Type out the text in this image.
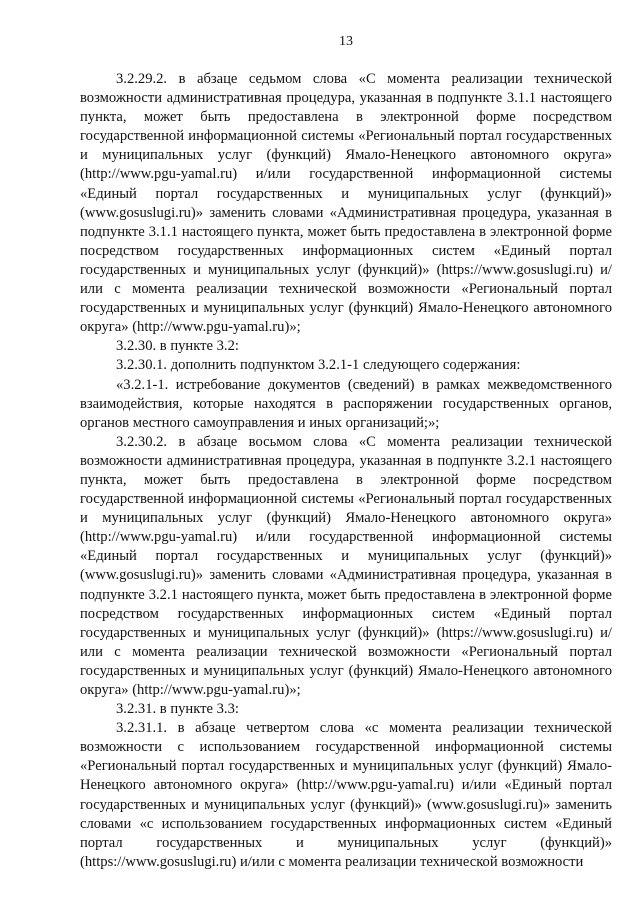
13

3.2.29.2. в абзаце седьмом слова «С момента реализации технической возможности административная процедура, указанная в подпункте 3.1.1 настоящего пункта, может быть предоставлена в электронной форме посредством государственной информационной системы «Региональный портал государственных и муниципальных услуг (функций) Ямало-Ненецкого автономного округа» (http://www.pgu-yamal.ru) и/или государственной информационной системы «Единый портал государственных и муниципальных услуг (функций)» (www.gosuslugi.ru)» заменить словами «Административная процедура, указанная в подпункте 3.1.1 настоящего пункта, может быть предоставлена в электронной форме посредством государственных информационных систем «Единый портал государственных и муниципальных услуг (функций)» (https://www.gosuslugi.ru) и/или с момента реализации технической возможности «Региональный портал государственных и муниципальных услуг (функций) Ямало-Ненецкого автономного округа» (http://www.pgu-yamal.ru)»;

3.2.30. в пункте 3.2:

3.2.30.1. дополнить подпунктом 3.2.1-1 следующего содержания:

«3.2.1-1. истребование документов (сведений) в рамках межведомственного взаимодействия, которые находятся в распоряжении государственных органов, органов местного самоуправления и иных организаций;»;

3.2.30.2. в абзаце восьмом слова «С момента реализации технической возможности административная процедура, указанная в подпункте 3.2.1 настоящего пункта, может быть предоставлена в электронной форме посредством государственной информационной системы «Региональный портал государственных и муниципальных услуг (функций) Ямало-Ненецкого автономного округа» (http://www.pgu-yamal.ru) и/или государственной информационной системы «Единый портал государственных и муниципальных услуг (функций)» (www.gosuslugi.ru)» заменить словами «Административная процедура, указанная в подпункте 3.2.1 настоящего пункта, может быть предоставлена в электронной форме посредством государственных информационных систем «Единый портал государственных и муниципальных услуг (функций)» (https://www.gosuslugi.ru) и/или с момента реализации технической возможности «Региональный портал государственных и муниципальных услуг (функций) Ямало-Ненецкого автономного округа» (http://www.pgu-yamal.ru)»;

3.2.31. в пункте 3.3:

3.2.31.1. в абзаце четвертом слова «с момента реализации технической возможности с использованием государственной информационной системы «Региональный портал государственных и муниципальных услуг (функций) Ямало-Ненецкого автономного округа» (http://www.pgu-yamal.ru) и/или «Единый портал государственных и муниципальных услуг (функций)» (www.gosuslugi.ru)» заменить словами «с использованием государственных информационных систем «Единый портал государственных и муниципальных услуг (функций)» (https://www.gosuslugi.ru) и/или с момента реализации технической возможности
